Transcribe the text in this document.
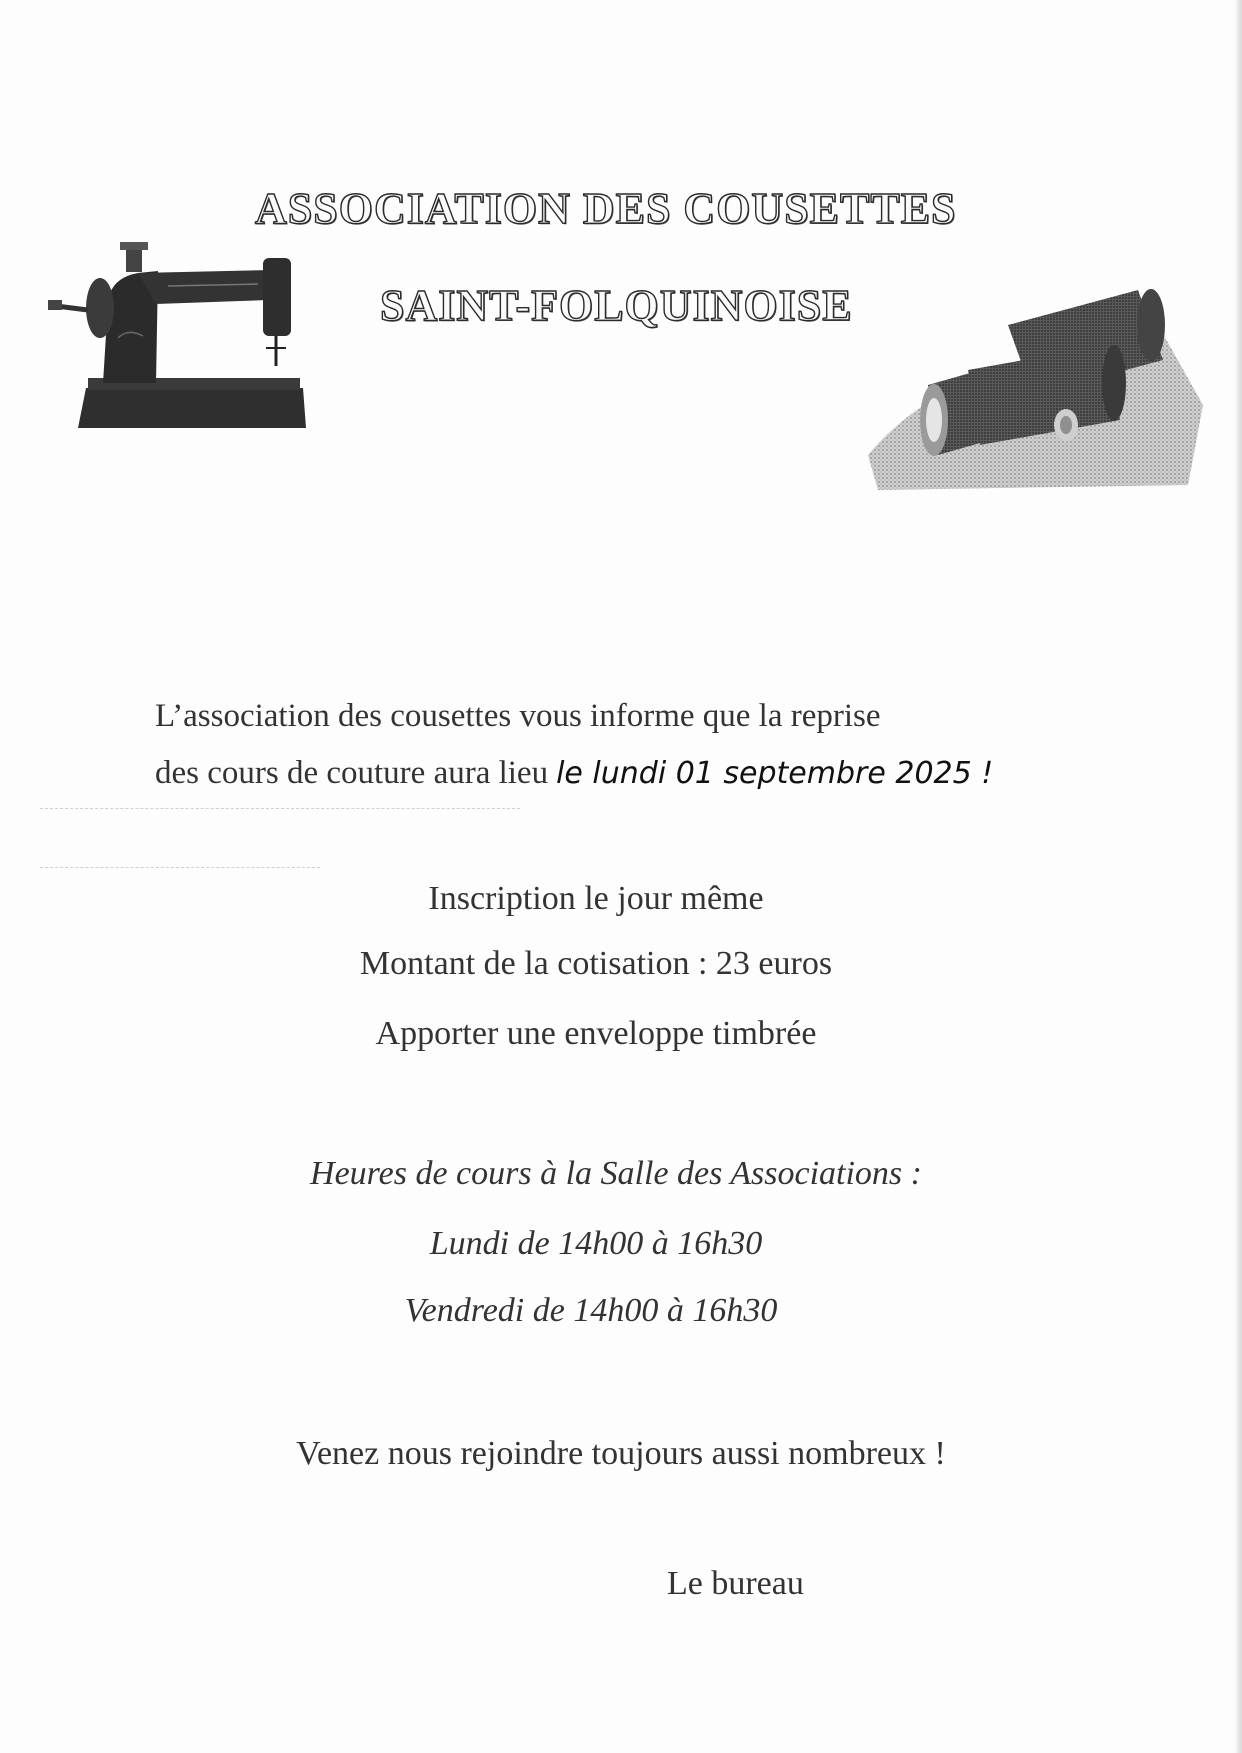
ASSOCIATION DES COUSETTES
SAINT-FOLQUINOISE
L’association des cousettes vous informe que la reprise
des cours de couture aura lieu le lundi 01 septembre 2025 !
Inscription le jour même
Montant de la cotisation : 23 euros
Apporter une enveloppe timbrée
Heures de cours à la Salle des Associations :
Lundi de 14h00 à 16h30
Vendredi de 14h00 à 16h30
Venez nous rejoindre toujours aussi nombreux !
Le bureau
